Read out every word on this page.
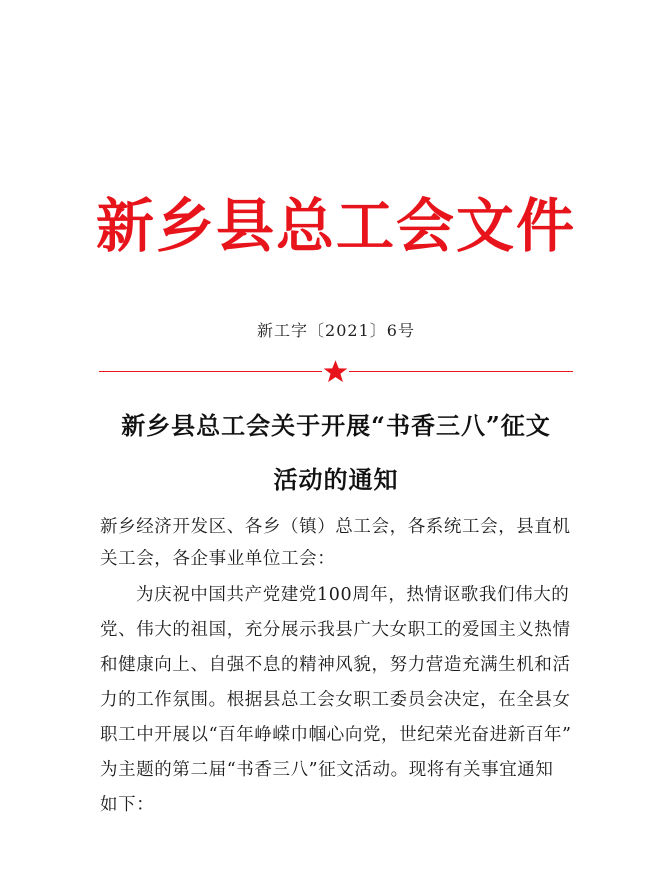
新乡县总工会文件
新工字〔2021〕6号
新乡县总工会关于开展“书香三八”征文
活动的通知
新乡经济开发区、各乡（镇）总工会，各系统工会，县直机
关工会，各企事业单位工会：
为庆祝中国共产党建党100周年，热情讴歌我们伟大的
党、伟大的祖国，充分展示我县广大女职工的爱国主义热情
和健康向上、自强不息的精神风貌，努力营造充满生机和活
力的工作氛围。根据县总工会女职工委员会决定，在全县女
职工中开展以“百年峥嵘巾帼心向党，世纪荣光奋进新百年”
为主题的第二届“书香三八”征文活动。现将有关事宜通知
如下：
